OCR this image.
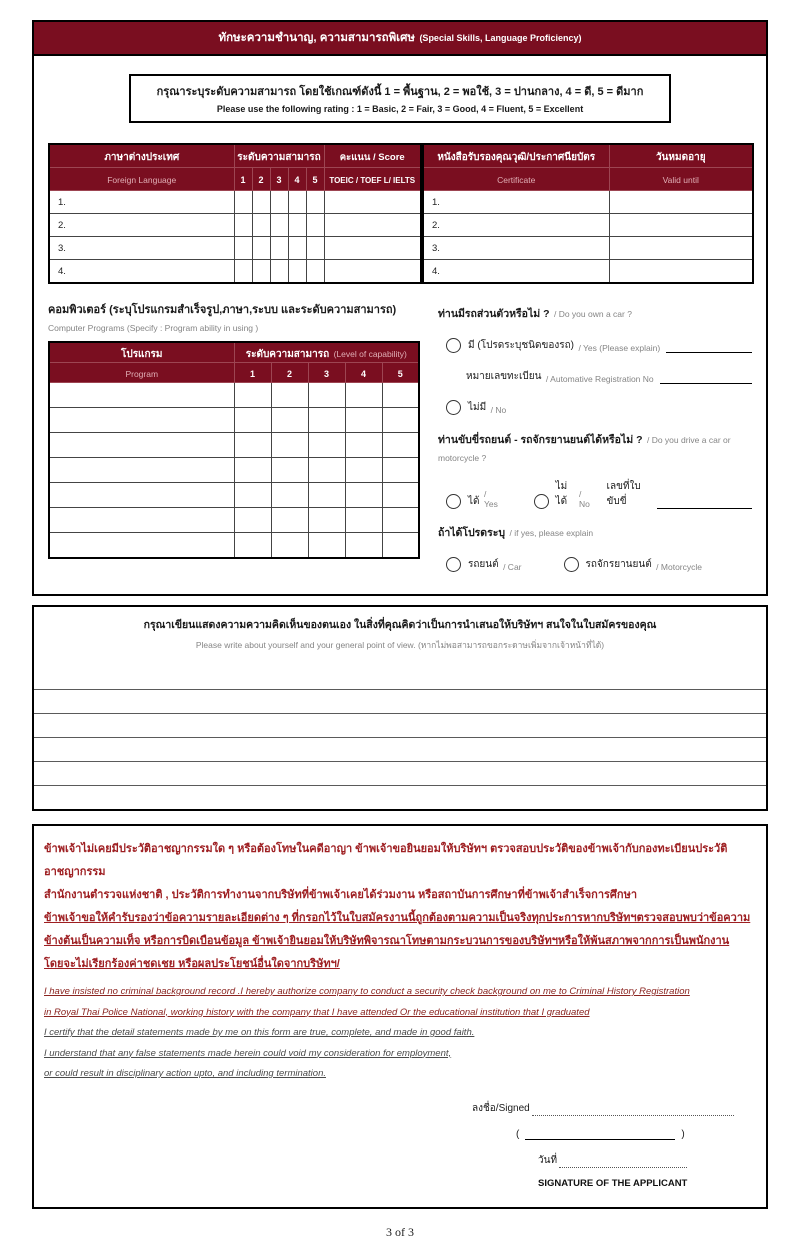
ทักษะความชำนาญ, ความสามารถพิเศษ (Special Skills, Language Proficiency)
กรุณาระบุระดับความสามารถ โดยใช้เกณฑ์ดังนี้ 1 = พื้นฐาน, 2 = พอใช้, 3 = ปานกลาง, 4 = ดี, 5 = ดีมาก
Please use the following rating : 1 = Basic, 2 = Fair, 3 = Good, 4 = Fluent, 5 = Excellent
ภาษาต่างประเทศ	ระดับความสามารถ					คะแนน / Score
Foreign Language	1	2	3	4	5	TOEIC / TOEF L/ IELTS
1.						
2.						
3.						
4.						
หนังสือรับรองคุณวุฒิ/ประกาศนียบัตร	วันหมดอายุ
Certificate	Valid until
1.	
2.	
3.	
4.	
คอมพิวเตอร์ (ระบุโปรแกรมสำเร็จรูป,ภาษา,ระบบ และระดับความสามารถ)
Computer Programs (Specify : Program ability in using )
โปรแกรม	ระดับความสามารถ (Level of capability)				
Program	1	2	3	4	5

ท่านมีรถส่วนตัวหรือไม่ ? / Do you own a car ?
มี (โปรดระบุชนิดของรถ)
/ Yes (Please explain)
หมายเลขทะเบียน
/ Automative Registration No
ไม่มี
/ No
ท่านขับขี่รถยนต์ - รถจักรยานยนต์ได้หรือไม่ ? / Do you drive a car or motorcycle ?
ได้

/ Yes
ไม่ได้

/ No
เลขที่ใบขับขี่
ถ้าได้โปรดระบุ / if yes, please explain
รถยนต์
/ Car	รถจักรยานยนต์
/ Motorcycle
กรุณาเขียนแสดงความความคิดเห็นของตนเอง ในสิ่งที่คุณคิดว่าเป็นการนำเสนอให้บริษัทฯ สนใจในใบสมัครของคุณ
Please write about yourself and your general point of view. (หากไม่พอสามารถขอกระดาษเพิ่มจากเจ้าหน้าที่ได้)
ข้าพเจ้าไม่เคยมีประวัติอาชญากรรมใด ๆ หรือต้องโทษในคดีอาญา ข้าพเจ้าขอยินยอมให้บริษัทฯ ตรวจสอบประวัติของข้าพเจ้ากับกองทะเบียนประวัติอาชญากรรม
สำนักงานตำรวจแห่งชาติ , ประวัติการทำงานจากบริษัทที่ข้าพเจ้าเคยได้ร่วมงาน หรือสถาบันการศึกษาที่ข้าพเจ้าสำเร็จการศึกษา
ข้าพเจ้าขอให้คำรับรองว่าข้อความรายละเอียดต่าง ๆ ที่กรอกไว้ในใบสมัครงานนี้ถูกต้องตามความเป็นจริงทุกประการหากบริษัทฯตรวจสอบพบว่าข้อความ
ข้างต้นเป็นความเท็จ หรือการบิดเบือนข้อมูล ข้าพเจ้ายินยอมให้บริษัทพิจารณาโทษตามกระบวนการของบริษัทฯหรือให้พ้นสภาพจากการเป็นพนักงาน
โดยจะไม่เรียกร้องค่าชดเชย หรือผลประโยชน์อื่นใดจากบริษัทฯ/
I have insisted no criminal background record .I hereby authorize company to conduct a security check background on me to Criminal History Registration
in Royal Thai Police National, working history with the company that I have attended Or the educational institution that I graduated
I certify that the detail statements made by me on this form are true, complete, and made in good faith.
I understand that any false statements made herein could void my consideration for employment,
or could result in disciplinary action upto, and including termination.
ลงชื่อ/Signed
(	)
วันที่
SIGNATURE OF THE APPLICANT
3 of 3
